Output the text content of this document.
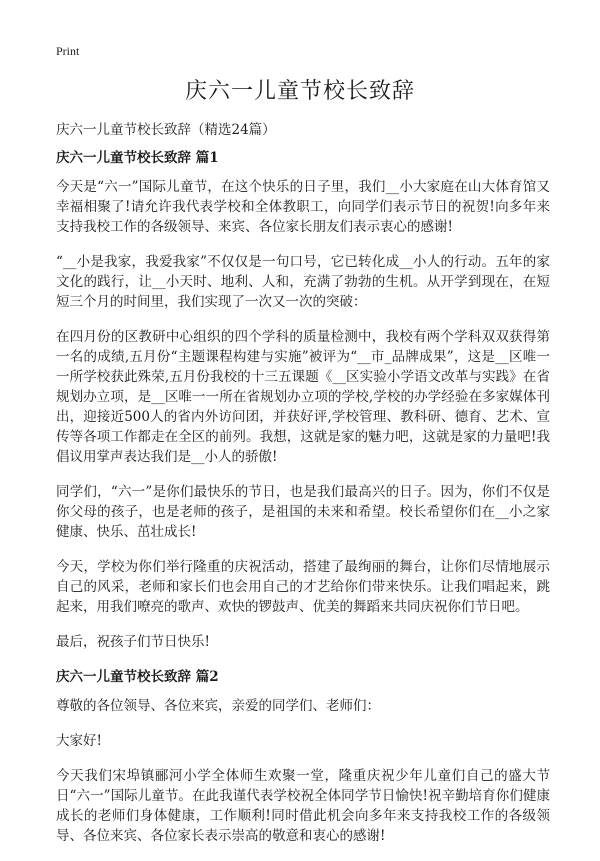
Print
庆六一儿童节校长致辞

庆六一儿童节校长致辞（精选24篇）

庆六一儿童节校长致辞 篇1

今天是“六一”国际儿童节，在这个快乐的日子里，我们__小大家庭在山大体育馆又幸福相聚了!请允许我代表学校和全体教职工，向同学们表示节日的祝贺!向多年来支持我校工作的各级领导、来宾、各位家长朋友们表示衷心的感谢!

“__小是我家，我爱我家”不仅仅是一句口号，它已转化成__小人的行动。五年的家文化的践行，让__小天时、地利、人和，充满了勃勃的生机。从开学到现在，在短短三个月的时间里，我们实现了一次又一次的突破：

在四月份的区教研中心组织的四个学科的质量检测中，我校有两个学科双双获得第一名的成绩,五月份“主题课程构建与实施”被评为“__市_品牌成果”，这是__区唯一一所学校获此殊荣,五月份我校的十三五课题《__区实验小学语文改革与实践》在省规划办立项，是__区唯一一所在省规划办立项的学校,学校的办学经验在多家媒体刊出，迎接近500人的省内外访问团，并获好评,学校管理、教科研、德育、艺术、宣传等各项工作都走在全区的前列。我想，这就是家的魅力吧，这就是家的力量吧!我倡议用掌声表达我们是__小人的骄傲!

同学们，“六一”是你们最快乐的节日，也是我们最高兴的日子。因为，你们不仅是你父母的孩子，也是老师的孩子，是祖国的未来和希望。校长希望你们在__小之家健康、快乐、茁壮成长!

今天，学校为你们举行隆重的庆祝活动，搭建了最绚丽的舞台，让你们尽情地展示自己的风采，老师和家长们也会用自己的才艺给你们带来快乐。让我们唱起来，跳起来，用我们嘹亮的歌声、欢快的锣鼓声、优美的舞蹈来共同庆祝你们节日吧。

最后，祝孩子们节日快乐!

庆六一儿童节校长致辞 篇2

尊敬的各位领导、各位来宾，亲爱的同学们、老师们：

大家好!

今天我们宋埠镇郦河小学全体师生欢聚一堂，隆重庆祝少年儿童们自己的盛大节日“六一”国际儿童节。在此我谨代表学校祝全体同学节日愉快!祝辛勤培育你们健康成长的老师们身体健康，工作顺利!同时借此机会向多年来支持我校工作的各级领导、各位来宾、各位家长表示崇高的敬意和衷心的感谢!
